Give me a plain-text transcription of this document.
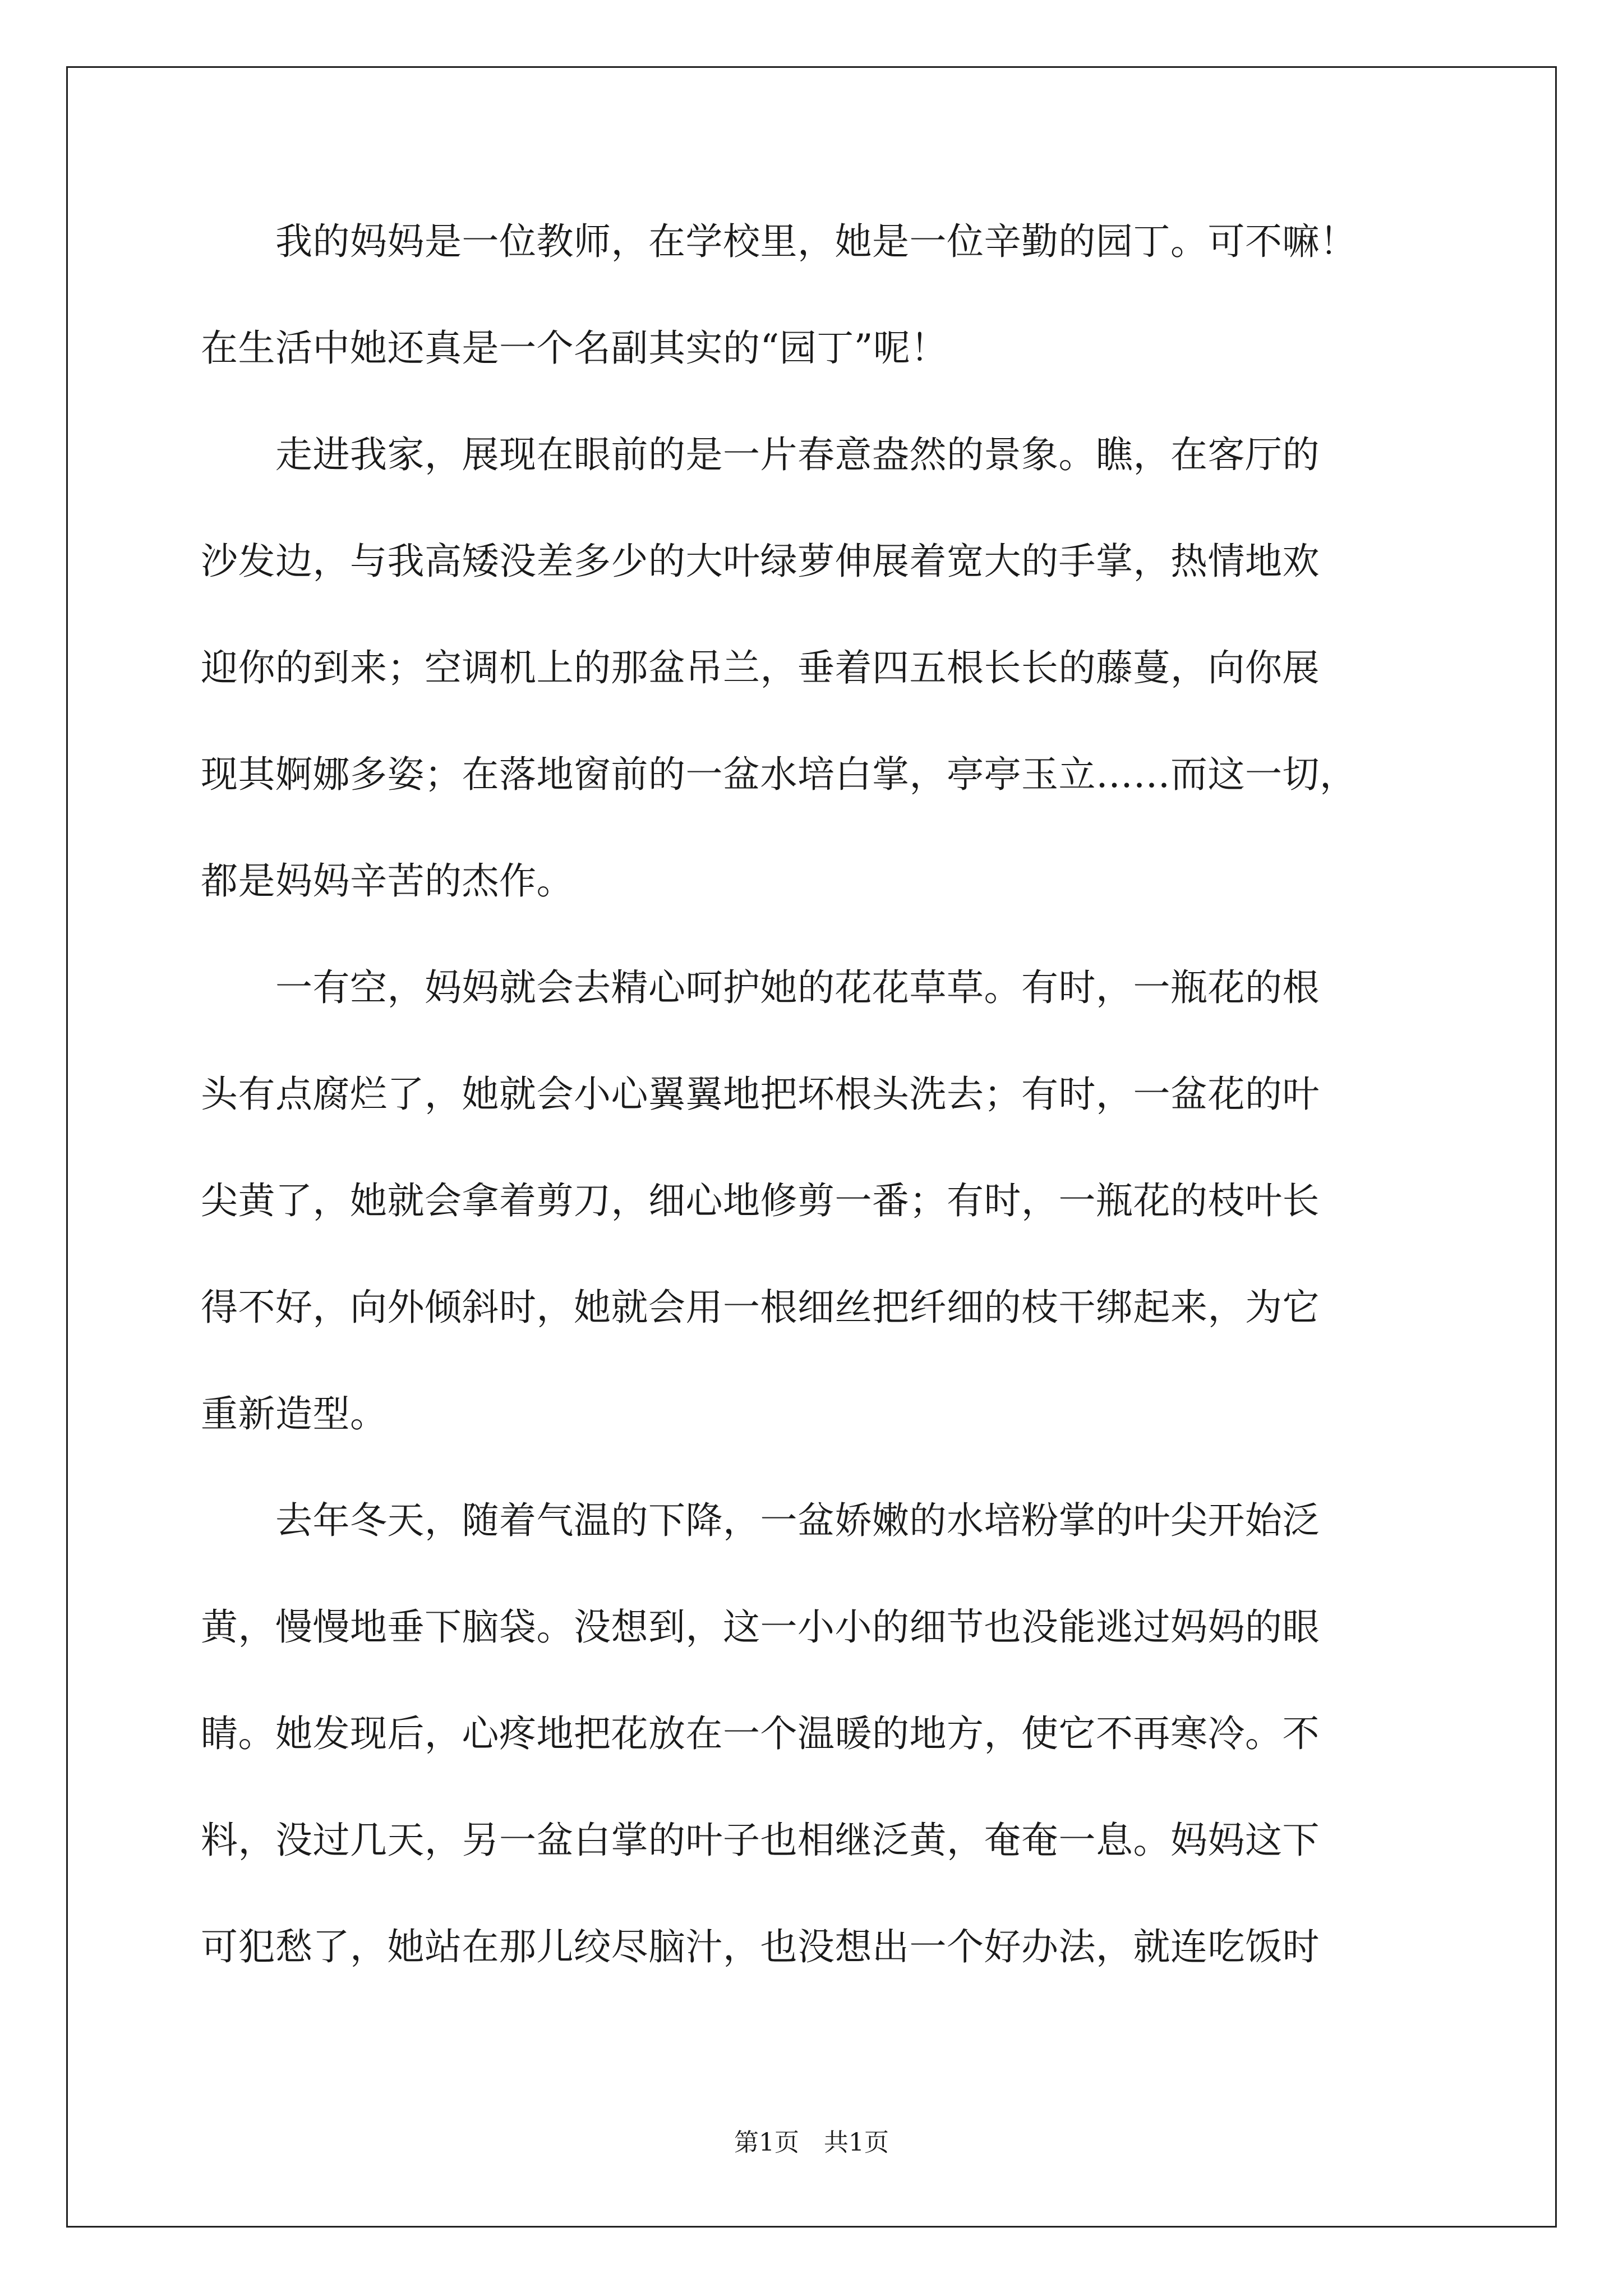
　　我的妈妈是一位教师，在学校里，她是一位辛勤的园丁。可不嘛！
在生活中她还真是一个名副其实的“园丁”呢！
　　走进我家，展现在眼前的是一片春意盎然的景象。瞧，在客厅的
沙发边，与我高矮没差多少的大叶绿萝伸展着宽大的手掌，热情地欢
迎你的到来；空调机上的那盆吊兰，垂着四五根长长的藤蔓，向你展
现其婀娜多姿；在落地窗前的一盆水培白掌，亭亭玉立……而这一切，
都是妈妈辛苦的杰作。
　　一有空，妈妈就会去精心呵护她的花花草草。有时，一瓶花的根
头有点腐烂了，她就会小心翼翼地把坏根头洗去；有时，一盆花的叶
尖黄了，她就会拿着剪刀，细心地修剪一番；有时，一瓶花的枝叶长
得不好，向外倾斜时，她就会用一根细丝把纤细的枝干绑起来，为它
重新造型。
　　去年冬天，随着气温的下降，一盆娇嫩的水培粉掌的叶尖开始泛
黄，慢慢地垂下脑袋。没想到，这一小小的细节也没能逃过妈妈的眼
睛。她发现后，心疼地把花放在一个温暖的地方，使它不再寒冷。不
料，没过几天，另一盆白掌的叶子也相继泛黄，奄奄一息。妈妈这下
可犯愁了，她站在那儿绞尽脑汁，也没想出一个好办法，就连吃饭时
第1页　共1页
